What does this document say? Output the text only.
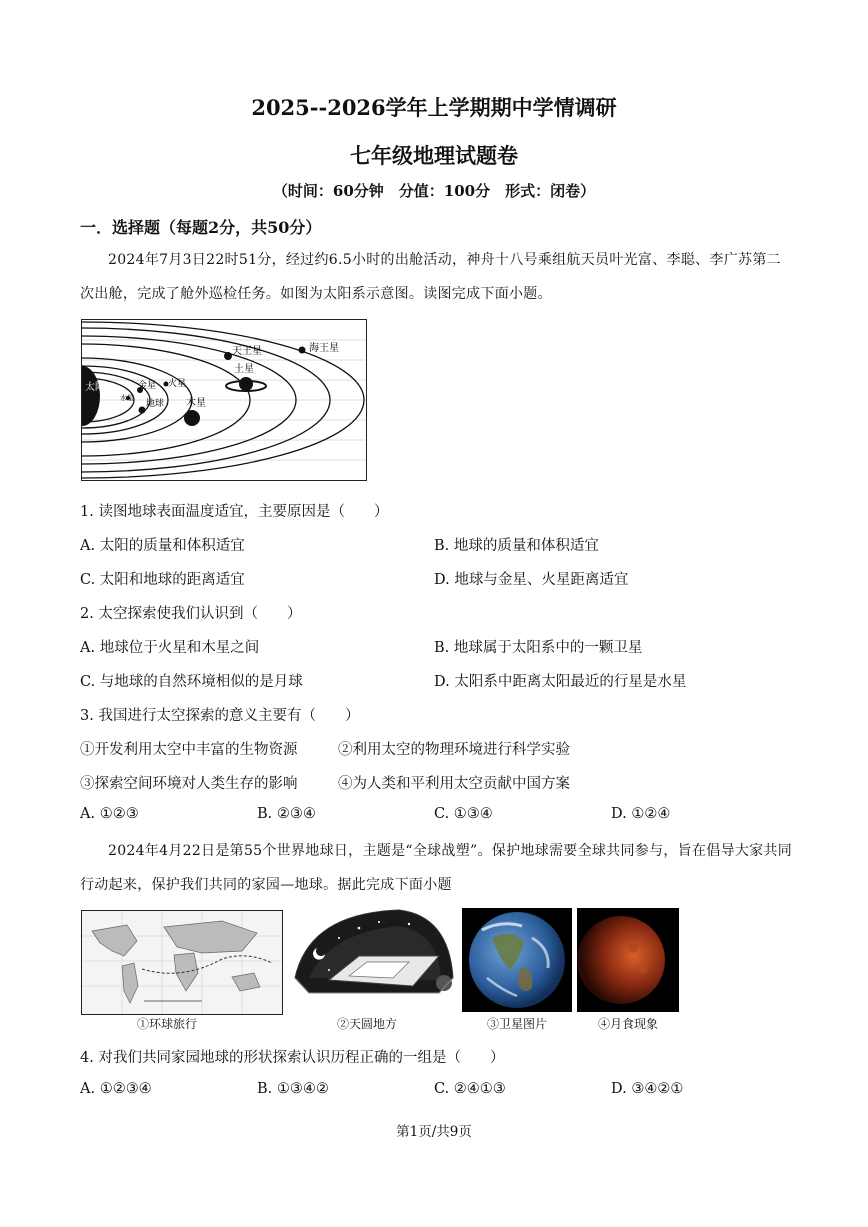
2025--2026学年上学期期中学情调研
七年级地理试题卷
（时间：60分钟　分值：100分　形式：闭卷）
一．选择题（每题2分，共50分）
2024年7月3日22时51分，经过约6.5小时的出舱活动，神舟十八号乘组航天员叶光富、李聪、李广苏第二次出舱，完成了舱外巡检任务。如图为太阳系示意图。读图完成下面小题。
太阳
水星
金星
地球
火星
木星
土星
天王星	海王星
1. 读图地球表面温度适宜，主要原因是（　　）
A. 太阳的质量和体积适宜	B. 地球的质量和体积适宜
C. 太阳和地球的距离适宜	D. 地球与金星、火星距离适宜
2. 太空探索使我们认识到（　　）
A. 地球位于火星和木星之间	B. 地球属于太阳系中的一颗卫星
C. 与地球的自然环境相似的是月球	D. 太阳系中距离太阳最近的行星是水星
3. 我国进行太空探索的意义主要有（　　）
①开发利用太空中丰富的生物资源	②利用太空的物理环境进行科学实验
③探索空间环境对人类生存的影响	④为人类和平利用太空贡献中国方案
A. ①②③	B. ②③④	C. ①③④	D. ①②④
2024年4月22日是第55个世界地球日，主题是“全球战塑”。保护地球需要全球共同参与，旨在倡导大家共同行动起来，保护我们共同的家园—地球。据此完成下面小题
①环球旅行	②天圆地方	③卫星图片	④月食现象
4. 对我们共同家园地球的形状探索认识历程正确的一组是（　　）
A. ①②③④	B. ①③④②	C. ②④①③	D. ③④②①
第1页/共9页
